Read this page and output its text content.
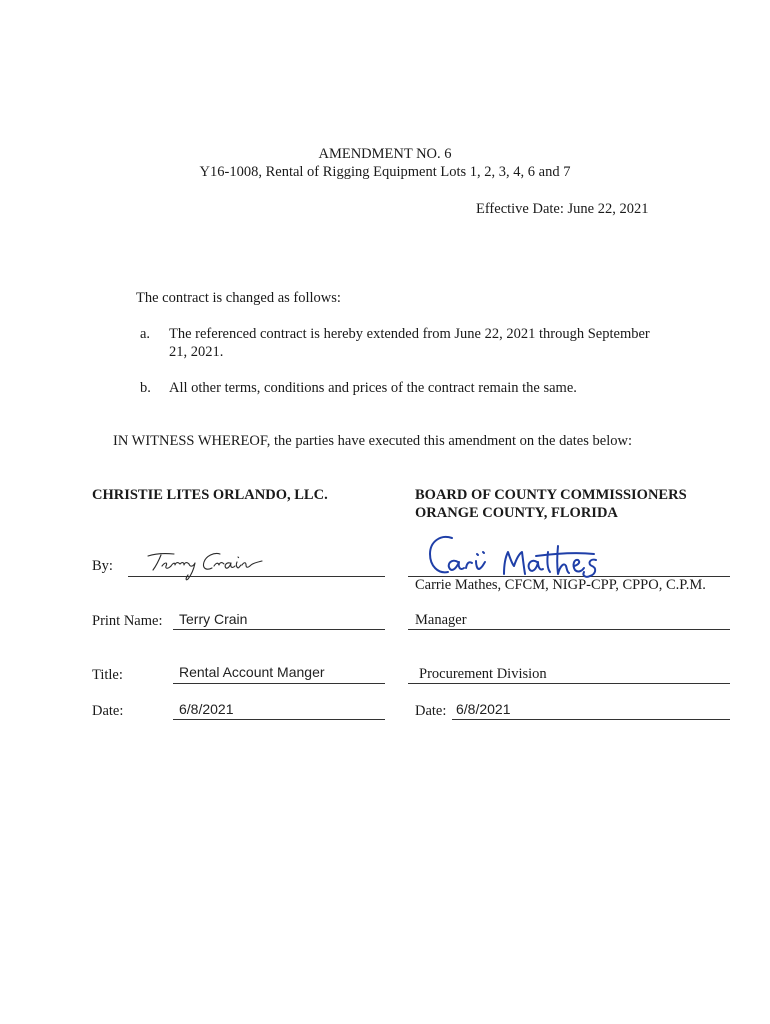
AMENDMENT NO. 6
Y16-1008, Rental of Rigging Equipment Lots 1, 2, 3, 4, 6 and 7
Effective Date: June 22, 2021
The contract is changed as follows:
a. The referenced contract is hereby extended from June 22, 2021 through September
21, 2021.
b. All other terms, conditions and prices of the contract remain the same.
IN WITNESS WHEREOF, the parties have executed this amendment on the dates below:
CHRISTIE LITES ORLANDO, LLC.
By:
Print Name: Terry Crain
Title:	Rental Account Manger
Date:	6/8/2021
BOARD OF COUNTY COMMISSIONERS
ORANGE COUNTY, FLORIDA
Carrie Mathes, CFCM, NIGP-CPP, CPPO, C.P.M.
Manager
Procurement Division
Date: 6/8/2021
